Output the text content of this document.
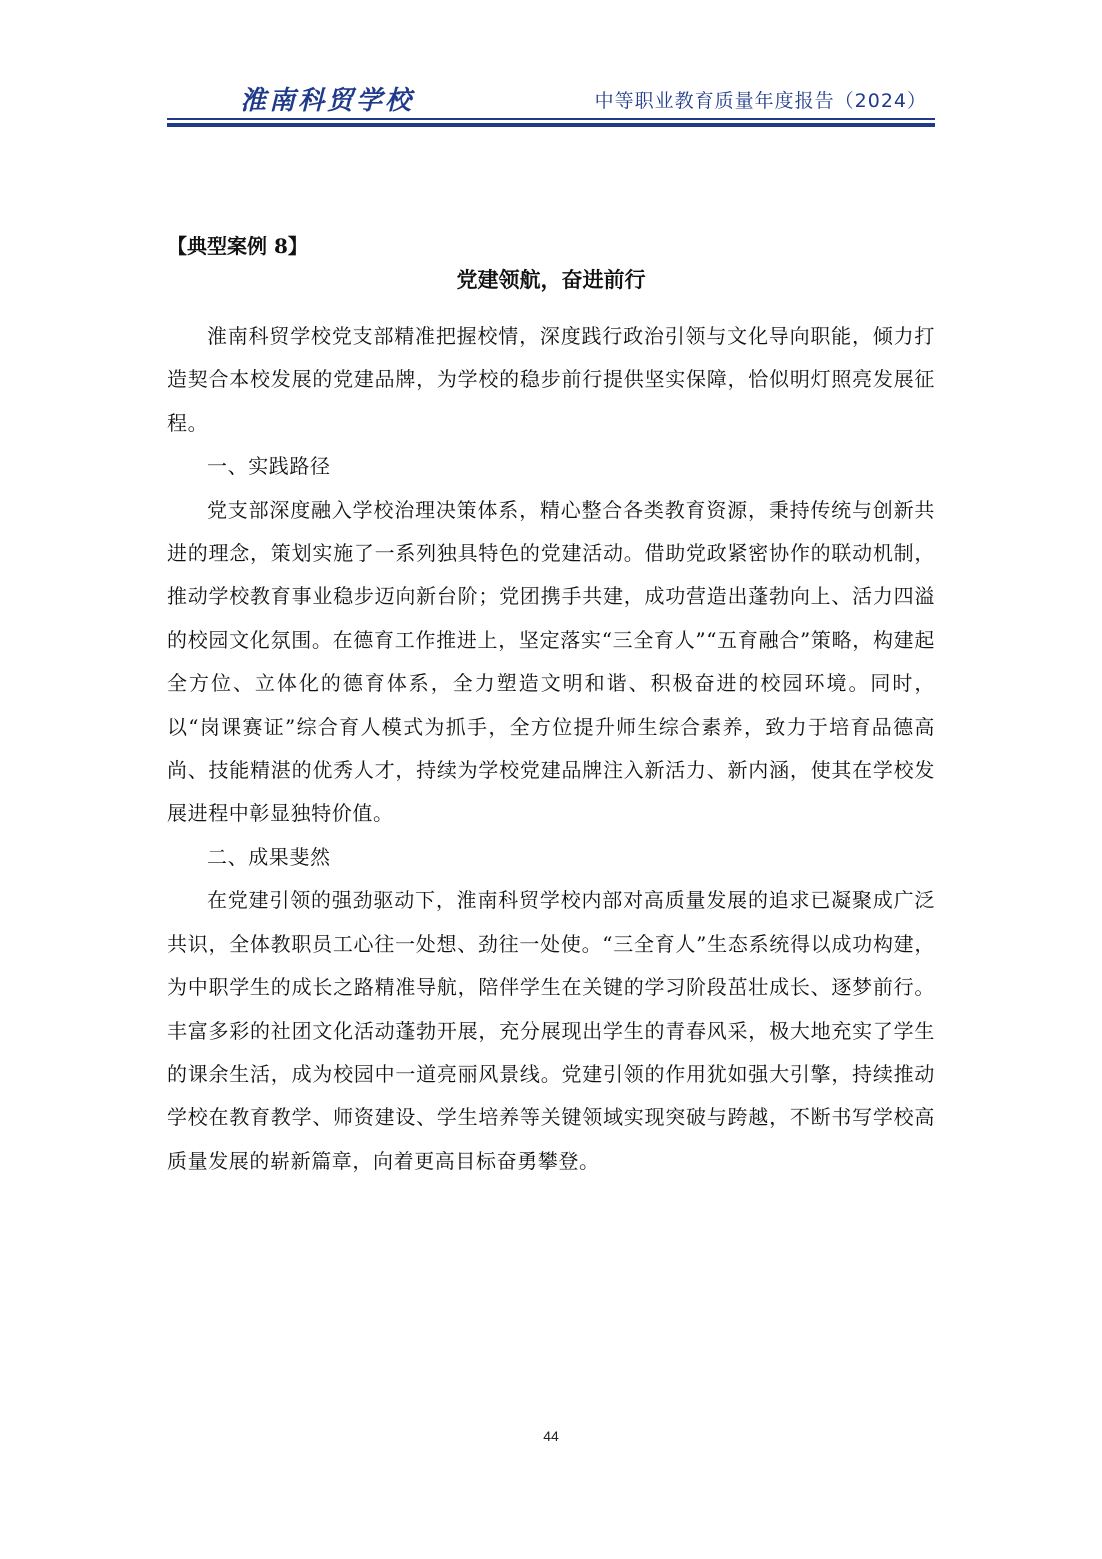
淮南科贸学校	中等职业教育质量年度报告（2024）
【典型案例 8】
党建领航，奋进前行

淮南科贸学校党支部精准把握校情，深度践行政治引领与文化导向职能，倾力打造契合本校发展的党建品牌，为学校的稳步前行提供坚实保障，恰似明灯照亮发展征程。

一、实践路径

党支部深度融入学校治理决策体系，精心整合各类教育资源，秉持传统与创新共进的理念，策划实施了一系列独具特色的党建活动。借助党政紧密协作的联动机制，推动学校教育事业稳步迈向新台阶；党团携手共建，成功营造出蓬勃向上、活力四溢的校园文化氛围。在德育工作推进上，坚定落实“三全育人”“五育融合”策略，构建起全方位、立体化的德育体系，全力塑造文明和谐、积极奋进的校园环境。同时，以“岗课赛证”综合育人模式为抓手，全方位提升师生综合素养，致力于培育品德高尚、技能精湛的优秀人才，持续为学校党建品牌注入新活力、新内涵，使其在学校发展进程中彰显独特价值。

二、成果斐然

在党建引领的强劲驱动下，淮南科贸学校内部对高质量发展的追求已凝聚成广泛共识，全体教职员工心往一处想、劲往一处使。“三全育人”生态系统得以成功构建，为中职学生的成长之路精准导航，陪伴学生在关键的学习阶段茁壮成长、逐梦前行。丰富多彩的社团文化活动蓬勃开展，充分展现出学生的青春风采，极大地充实了学生的课余生活，成为校园中一道亮丽风景线。党建引领的作用犹如强大引擎，持续推动学校在教育教学、师资建设、学生培养等关键领域实现突破与跨越，不断书写学校高质量发展的崭新篇章，向着更高目标奋勇攀登。

44
